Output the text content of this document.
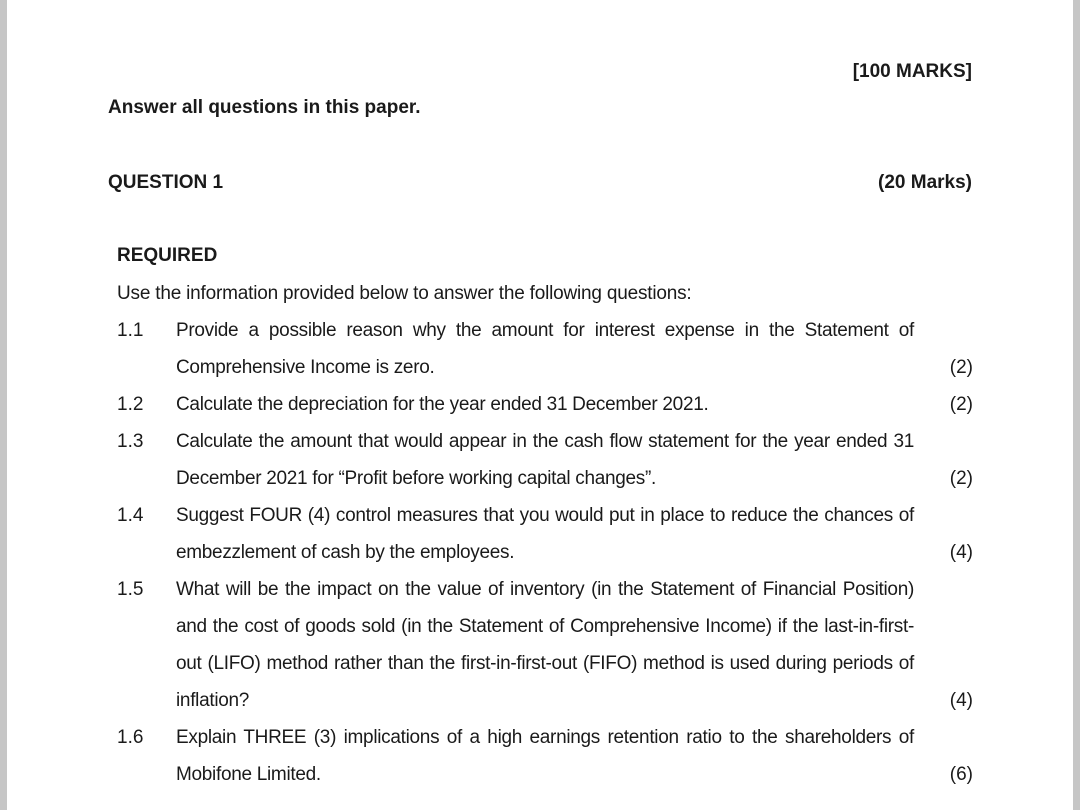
[100 MARKS]
Answer all questions in this paper.
QUESTION 1	(20 Marks)
REQUIRED
Use the information provided below to answer the following questions:
1.1 Provide a possible reason why the amount for interest expense in the Statement of Comprehensive Income is zero.	(2)
1.2 Calculate the depreciation for the year ended 31 December 2021.	(2)
1.3 Calculate the amount that would appear in the cash flow statement for the year ended 31 December 2021 for “Profit before working capital changes”.	(2)
1.4 Suggest FOUR (4) control measures that you would put in place to reduce the chances of embezzlement of cash by the employees.	(4)
1.5 What will be the impact on the value of inventory (in the Statement of Financial Position) and the cost of goods sold (in the Statement of Comprehensive Income) if the last-in-first-out (LIFO) method rather than the first-in-first-out (FIFO) method is used during periods of inflation?	(4)
1.6 Explain THREE (3) implications of a high earnings retention ratio to the shareholders of Mobifone Limited.	(6)
